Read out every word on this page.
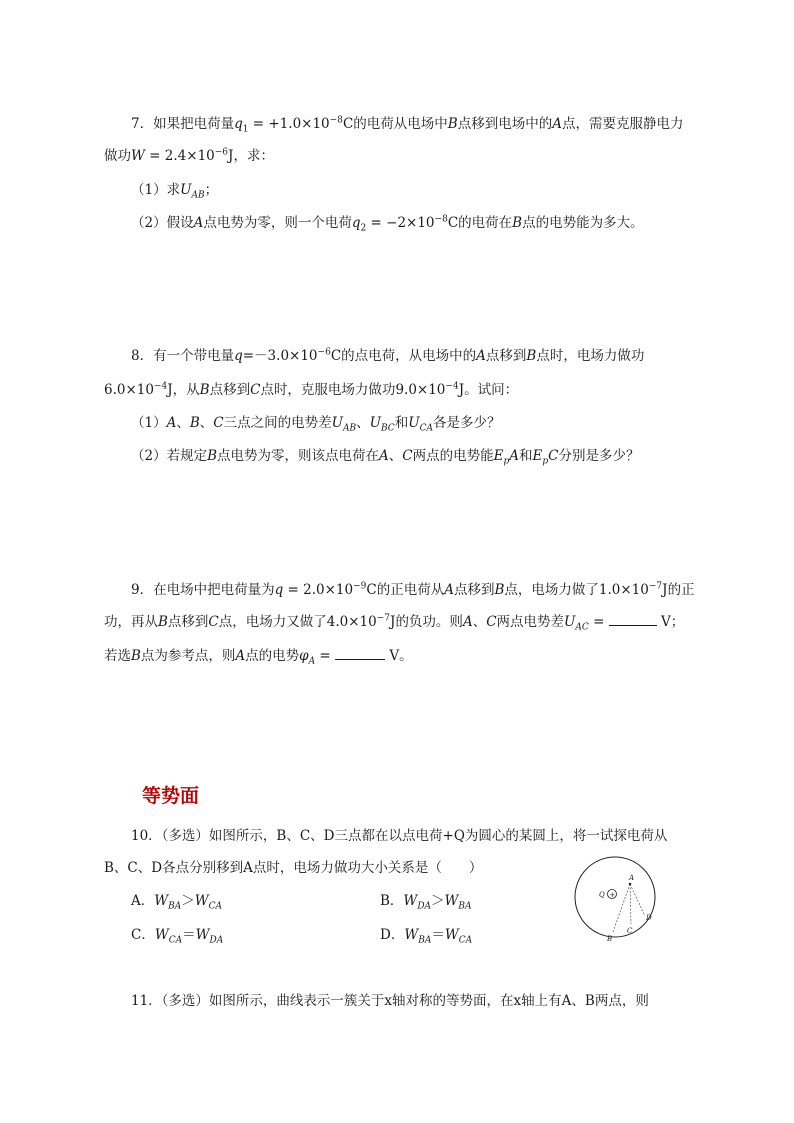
7．如果把电荷量$q_1 = +1.0\times 10^{-8}C$的电荷从电场中B点移到电场中的A点，需要克服静电力
做功$W = 2.4\times 10^{-6}J$，求：
（1）求$U_{AB}$；
（2）假设A点电势为零，则一个电荷$q_2 = -2\times 10^{-8}C$的电荷在B点的电势能为多大。
8．有一个带电量$q=-3.0\times 10^{-6}C$的点电荷，从电场中的A点移到B点时，电场力做功
$6.0\times 10^{-4}J$，从B点移到C点时，克服电场力做功$9.0\times 10^{-4}J$。试问：
（1）A、B、C三点之间的电势差$U_{AB}$、$U_{BC}$和$U_{CA}$各是多少？
（2）若规定B点电势为零，则该点电荷在A、C两点的电势能$E_pA$和$E_pC$分别是多少？
9．在电场中把电荷量为$q = 2.0\times 10^{-9}C$的正电荷从A点移到B点，电场力做了$1.0\times 10^{-7}J$的正
功，再从B点移到C点，电场力又做了$4.0\times 10^{-7}J$的负功。则A、C两点电势差$U_{AC}$ =	V；
若选B点为参考点，则A点的电势$\varphi_A$ =	V。
等势面
10．（多选）如图所示，B、C、D三点都在以点电荷+Q为圆心的某圆上，将一试探电荷从
B、C、D各点分别移到A点时，电场力做功大小关系是（　　）
A．$W_{BA}>W_{CA}$	B．$W_{DA}>W_{BA}$
C．$W_{CA}=W_{DA}$	D．$W_{BA}=W_{CA}$
+
A
Q
B
C
D
11．（多选）如图所示，曲线表示一簇关于x轴对称的等势面，在x轴上有A、B两点，则
